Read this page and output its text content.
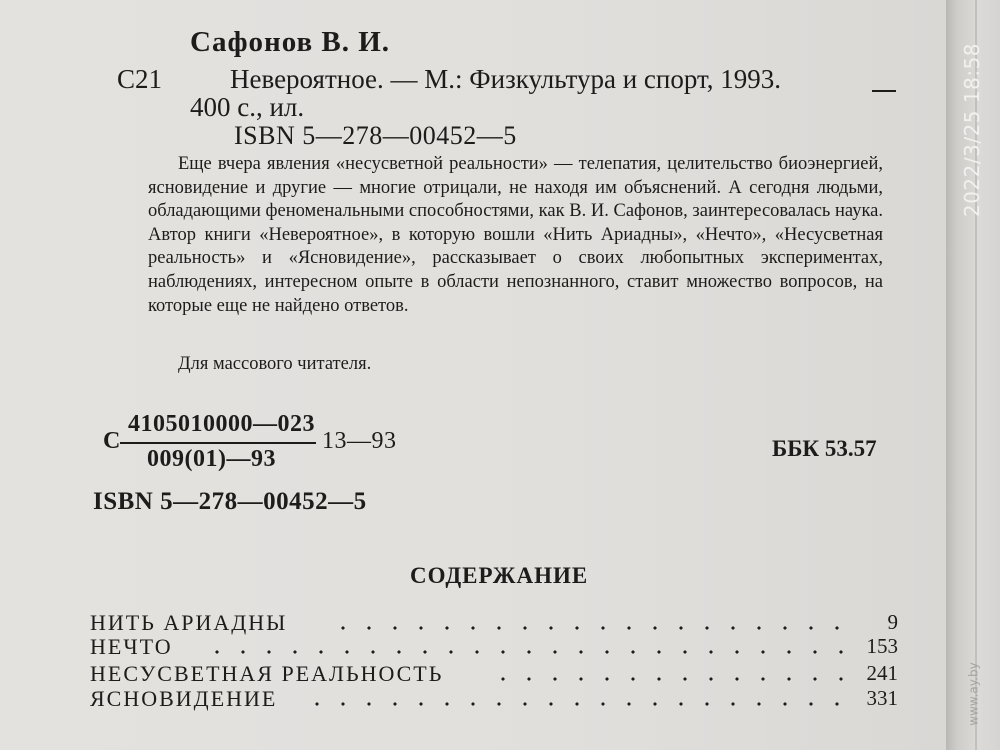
Сафонов В. И.
С21	Невероятное. — М.: Физкультура и спорт, 1993.
400 с., ил.
ISBN 5—278—00452—5
Еще вчера явления «несусветной реальности» — телепатия, целительство биоэнергией, ясновидение и другие — многие отрицали, не находя им объяснений. А сегодня людьми, обладающими феноменальными способностями, как В. И. Сафонов, заинтересовалась наука. Автор книги «Невероятное», в которую вошли «Нить Ариадны», «Нечто», «Несусветная реальность» и «Ясновидение», рассказывает о своих любопытных экспериментах, наблюдениях, интересном опыте в области непознанного, ставит множество вопросов, на которые еще не найдено ответов.
Для массового читателя.
С
4105010000—023
009(01)—93
13—93	ББК 53.57
ISBN 5—278—00452—5
СОДЕРЖАНИЕ
НИТЬ АРИАДНЫ	9
НЕЧТО	153
НЕСУСВЕТНАЯ РЕАЛЬНОСТЬ	241
ЯСНОВИДЕНИЕ	331
2022/3/25 18:58
www.ay.by
